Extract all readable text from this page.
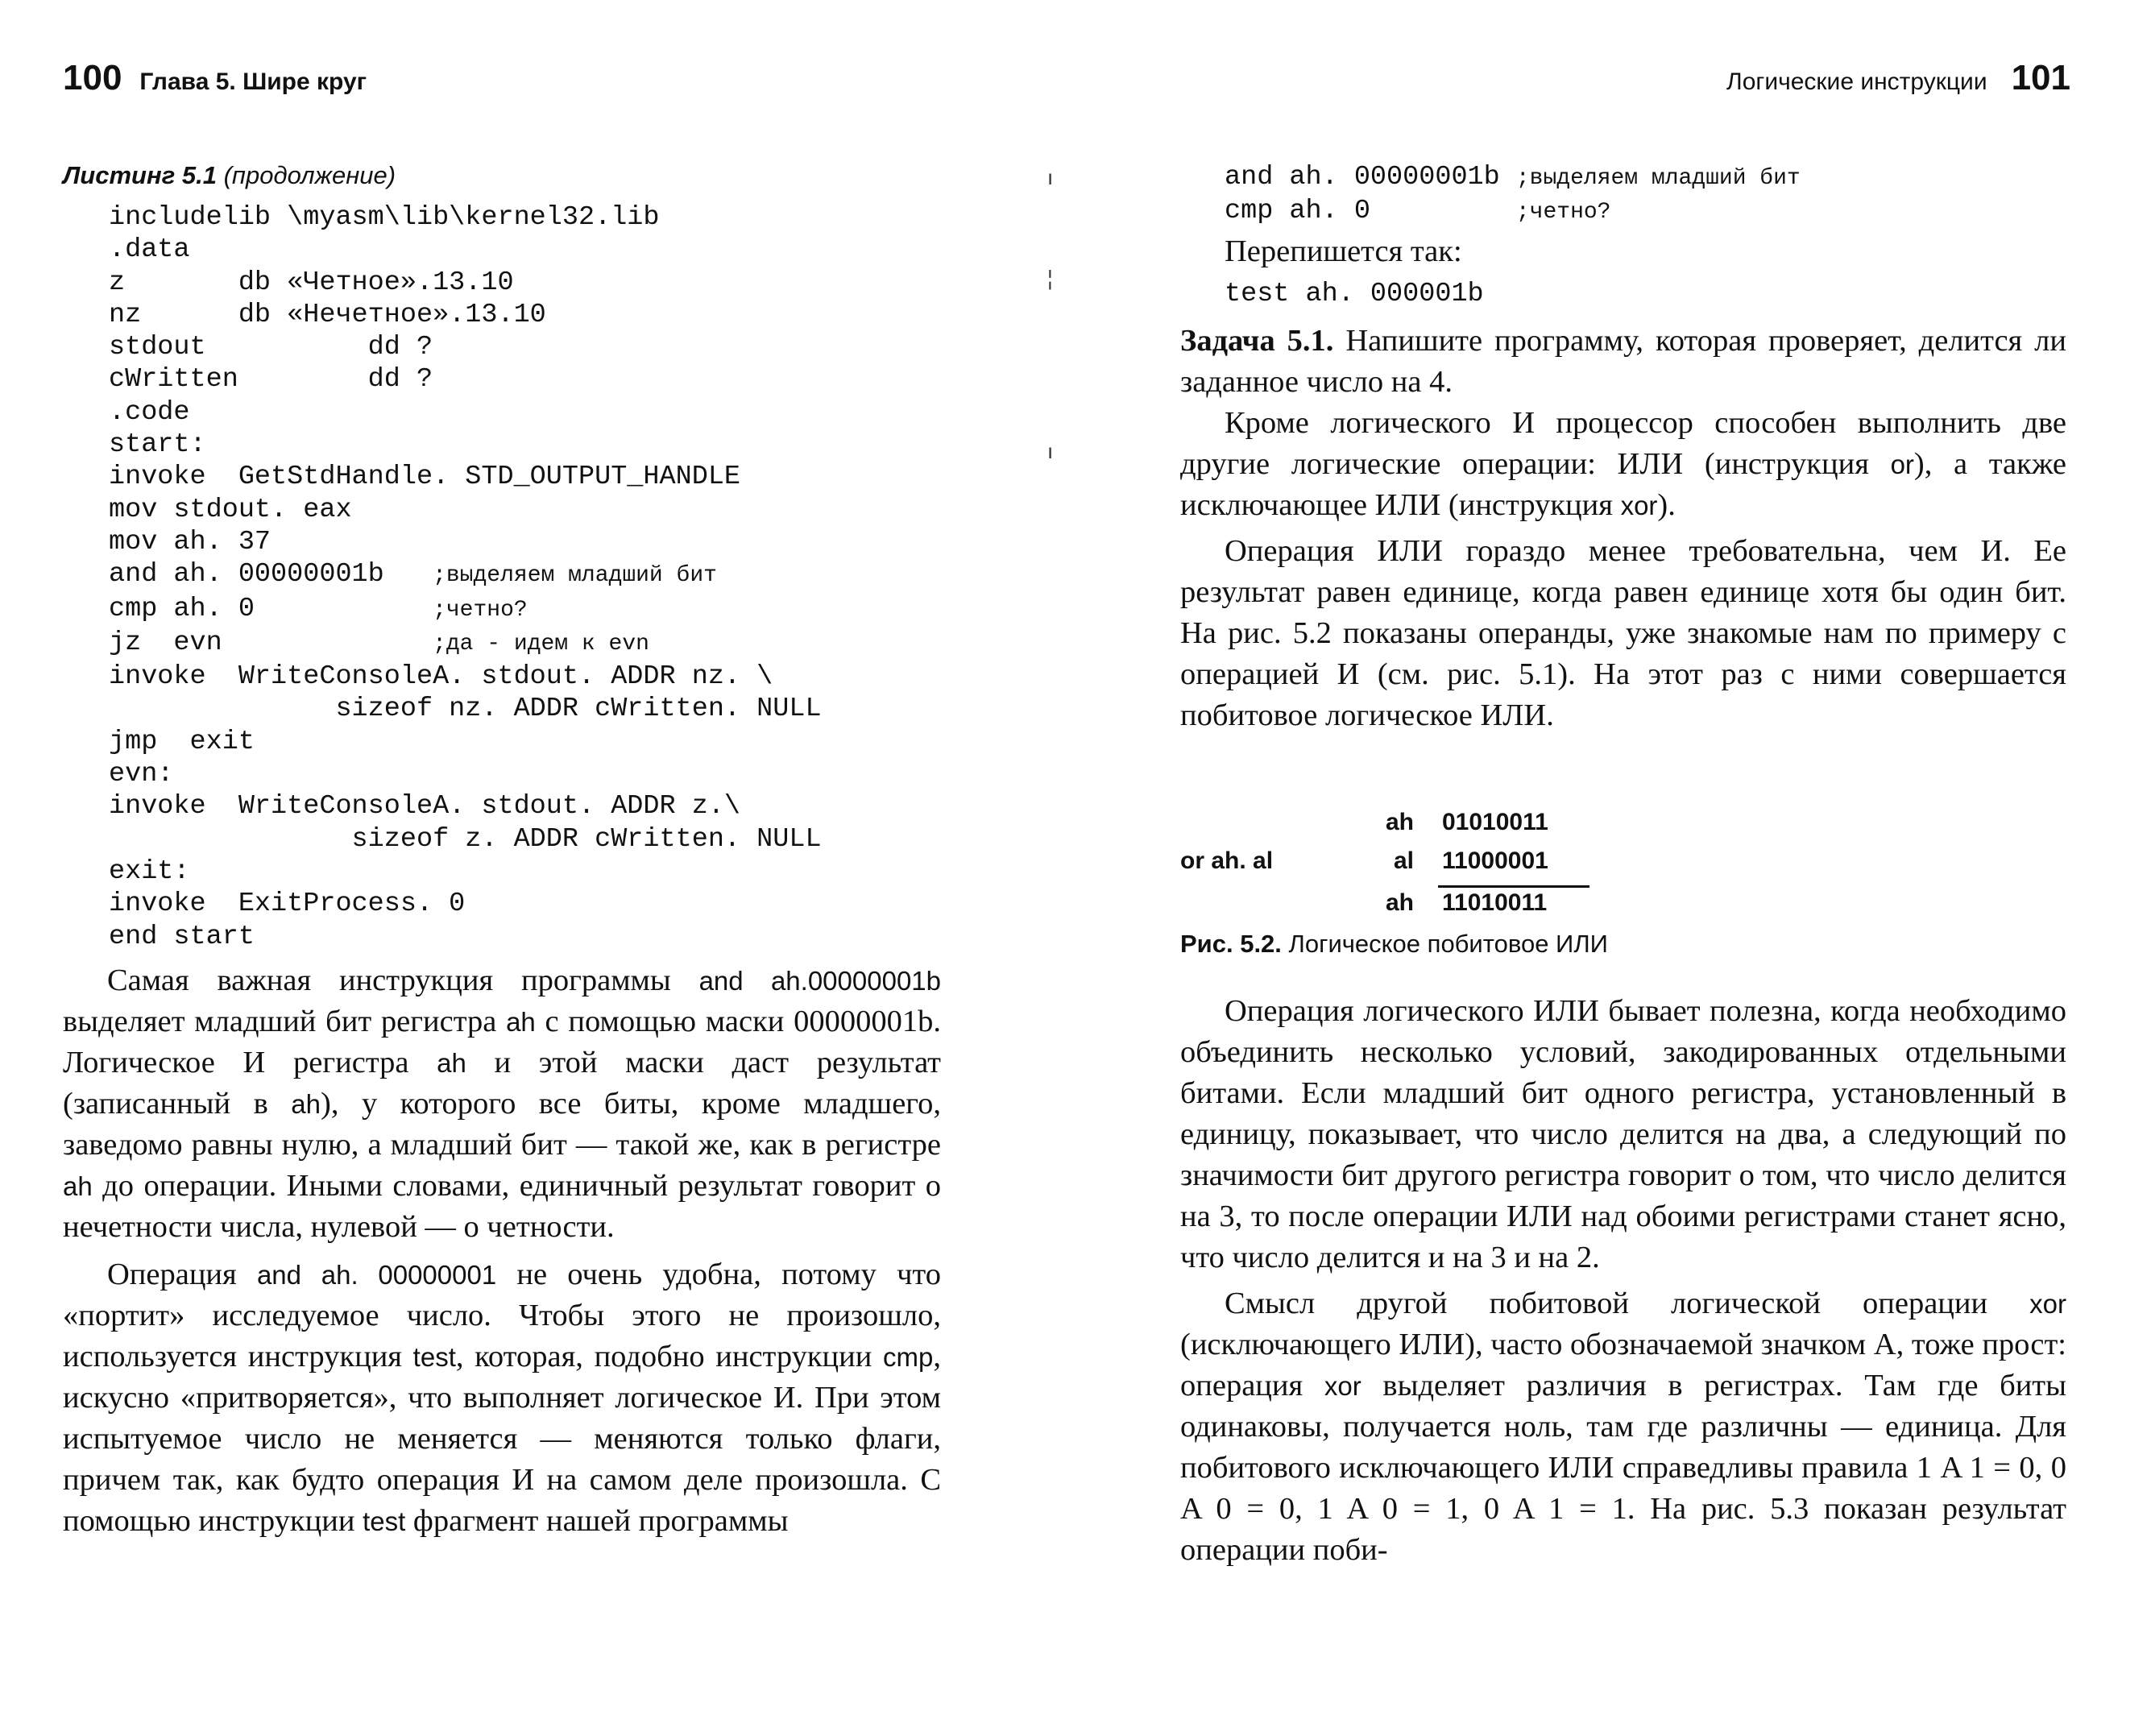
100 Глава 5. Шире круг
Листинг 5.1 (продолжение)
includelib \myasm\lib\kernel32.lib
.data
z       db «Четное».13.10
nz      db «Нечетное».13.10
stdout          dd ?
cWritten        dd ?
.code
start:
invoke  GetStdHandle. STD_OUTPUT_HANDLE
mov stdout. eax
mov ah. 37
and ah. 00000001b   ;выделяем младший бит
cmp ah. 0           ;четно?
jz  evn             ;да - идем к evn
invoke  WriteConsoleA. stdout. ADDR nz. \
sizeof nz. ADDR cWritten. NULL
jmp  exit
evn:
invoke  WriteConsoleA. stdout. ADDR z.\
sizeof z. ADDR cWritten. NULL
exit:
invoke  ExitProcess. 0
end start

Самая важная инструкция программы and ah.00000001b выделяет младший бит регистра ah с помощью маски 00000001b. Логическое И регистра ah и этой маски даст результат (записанный в ah), у которого все биты, кроме младшего, заведомо равны нулю, а младший бит — такой же, как в регистре ah до операции. Иными словами, единичный результат говорит о нечетности числа, нулевой — о четности.

Операция and ah. 00000001 не очень удобна, потому что «портит» исследуемое число. Чтобы этого не произошло, используется инструкция test, которая, подобно инструкции cmp, искусно «притворяется», что выполняет логическое И. При этом испытуемое число не меняется — меняются только флаги, причем так, как будто операция И на самом деле произошла. С помощью инструкции test фрагмент нашей программы

ı
¦
ı
Логические инструкции 101
and ah. 00000001b ;выделяем младший бит
cmp ah. 0         ;четно?
Перепишется так:
test ah. 000001b

Задача 5.1. Напишите программу, которая проверяет, делится ли заданное число на 4.

Кроме логического И процессор способен выполнить две другие логические операции: ИЛИ (инструкция or), а также исключающее ИЛИ (инструкция xor).

Операция ИЛИ гораздо менее требовательна, чем И. Ее результат равен единице, когда равен единице хотя бы один бит. На рис. 5.2 показаны операнды, уже знакомые нам по примеру с операцией И (см. рис. 5.1). На этот раз с ними совершается побитовое логическое ИЛИ.

or ah. al
ah 01010011
al 11000001
ah 11010011
Рис. 5.2. Логическое побитовое ИЛИ

Операция логического ИЛИ бывает полезна, когда необходимо объединить несколько условий, закодированных отдельными битами. Если младший бит одного регистра, установленный в единицу, показывает, что число делится на два, а следующий по значимости бит другого регистра говорит о том, что число делится на 3, то после операции ИЛИ над обоими регистрами станет ясно, что число делится и на 3 и на 2.

Смысл другой побитовой логической операции xor (исключающего ИЛИ), часто обозначаемой значком A, тоже прост: операция xor выделяет различия в регистрах. Там где биты одинаковы, получается ноль, там где различны — единица. Для побитового исключающего ИЛИ справедливы правила 1 A 1 = 0, 0 A 0 = 0, 1 A 0 = 1, 0 A 1 = 1. На рис. 5.3 показан результат операции поби-
